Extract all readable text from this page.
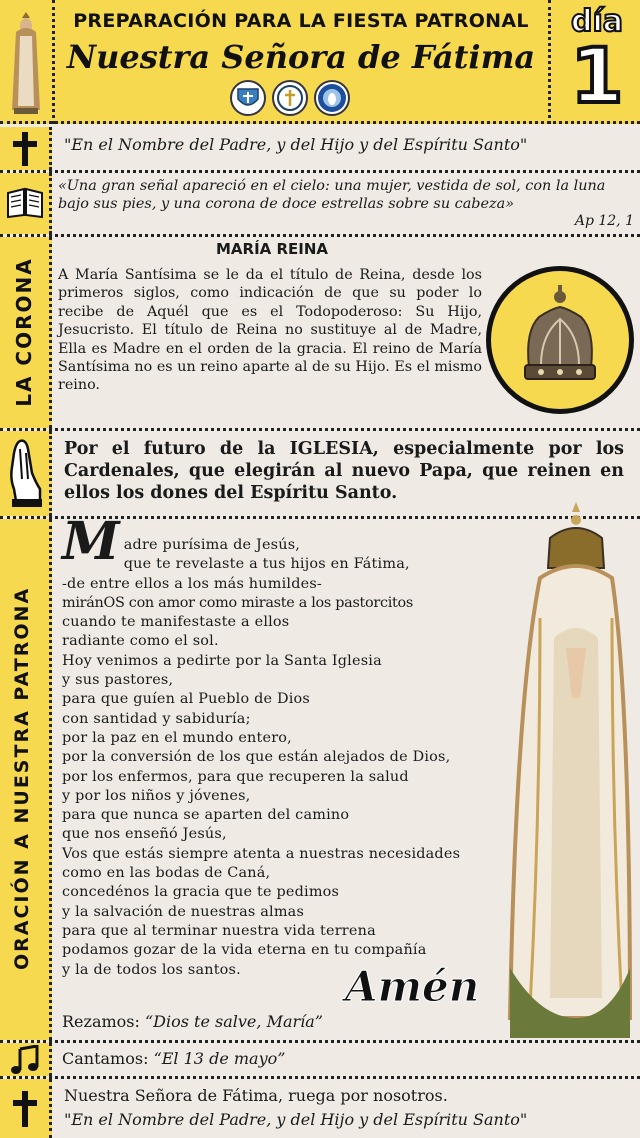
PREPARACIÓN PARA LA FIESTA PATRONAL
Nuestra Señora de Fátima
día
1
"En el Nombre del Padre, y del Hijo y del Espíritu Santo"
«Una gran señal apareció en el cielo: una mujer, vestida de sol, con la luna bajo sus pies, y una corona de doce estrellas sobre su cabeza»
Ap 12, 1
LA CORONA
MARÍA REINA
A María Santísima se le da el título de Reina, desde los primeros siglos, como indicación de que su poder lo recibe de Aquél que es el Todopoderoso: Su Hijo, Jesucristo. El título de Reina no sustituye al de Madre, Ella es Madre en el orden de la gracia. El reino de María Santísima no es un reino aparte al de su Hijo. Es el mismo reino.
Por el futuro de la IGLESIA, especialmente por los Cardenales, que elegirán al nuevo Papa, que reinen en ellos los dones del Espíritu Santo.
ORACIÓN A NUESTRA PATRONA
M adre purísima de Jesús,
que te revelaste a tus hijos en Fátima,
-de entre ellos a los más humildes-
miránOS con amor como miraste a los pastorcitos
cuando te manifestaste a ellos
radiante como el sol.
Hoy venimos a pedirte por la Santa Iglesia
y sus pastores,
para que guíen al Pueblo de Dios
con santidad y sabiduría;
por la paz en el mundo entero,
por la conversión de los que están alejados de Dios,
por los enfermos, para que recuperen la salud
y por los niños y jóvenes,
para que nunca se aparten del camino
que nos enseñó Jesús,
Vos que estás siempre atenta a nuestras necesidades
como en las bodas de Caná,
concedénos la gracia que te pedimos
y la salvación de nuestras almas
para que al terminar nuestra vida terrena
podamos gozar de la vida eterna en tu compañía
y la de todos los santos.	Amén
Rezamos: “Dios te salve, María”
Cantamos: “El 13 de mayo”
Nuestra Señora de Fátima, ruega por nosotros.
"En el Nombre del Padre, y del Hijo y del Espíritu Santo"
